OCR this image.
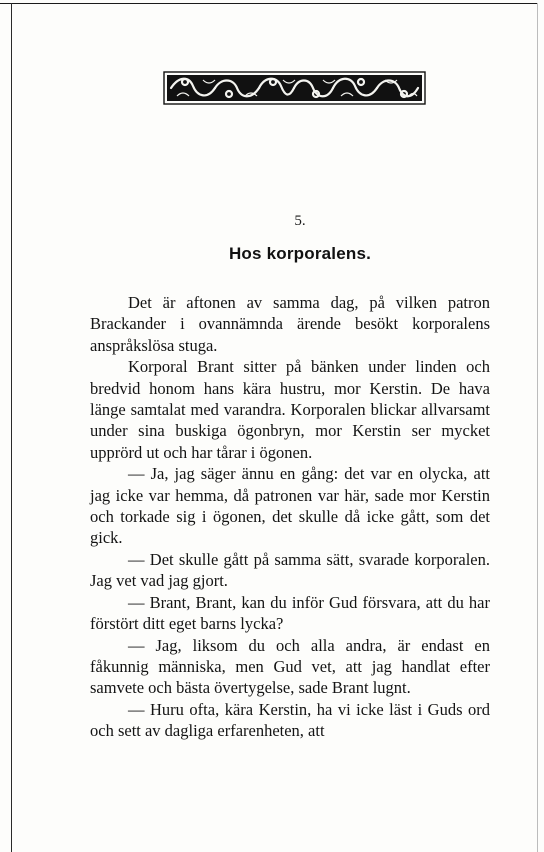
5.
Hos korporalens.

Det är aftonen av samma dag, på vilken patron Brackander i ovannämnda ärende besökt korporalens anspråkslösa stuga.

Korporal Brant sitter på bänken under linden och bredvid honom hans kära hustru, mor Kerstin. De hava länge samtalat med varandra. Korporalen blickar allvarsamt under sina buskiga ögonbryn, mor Kerstin ser mycket upprörd ut och har tårar i ögonen.

— Ja, jag säger ännu en gång: det var en olycka, att jag icke var hemma, då patronen var här, sade mor Kerstin och torkade sig i ögonen, det skulle då icke gått, som det gick.

— Det skulle gått på samma sätt, svarade korporalen. Jag vet vad jag gjort.

— Brant, Brant, kan du inför Gud försvara, att du har förstört ditt eget barns lycka?

— Jag, liksom du och alla andra, är endast en fåkunnig människa, men Gud vet, att jag handlat efter samvete och bästa övertygelse, sade Brant lugnt.

— Huru ofta, kära Kerstin, ha vi icke läst i Guds ord och sett av dagliga erfarenheten, att
